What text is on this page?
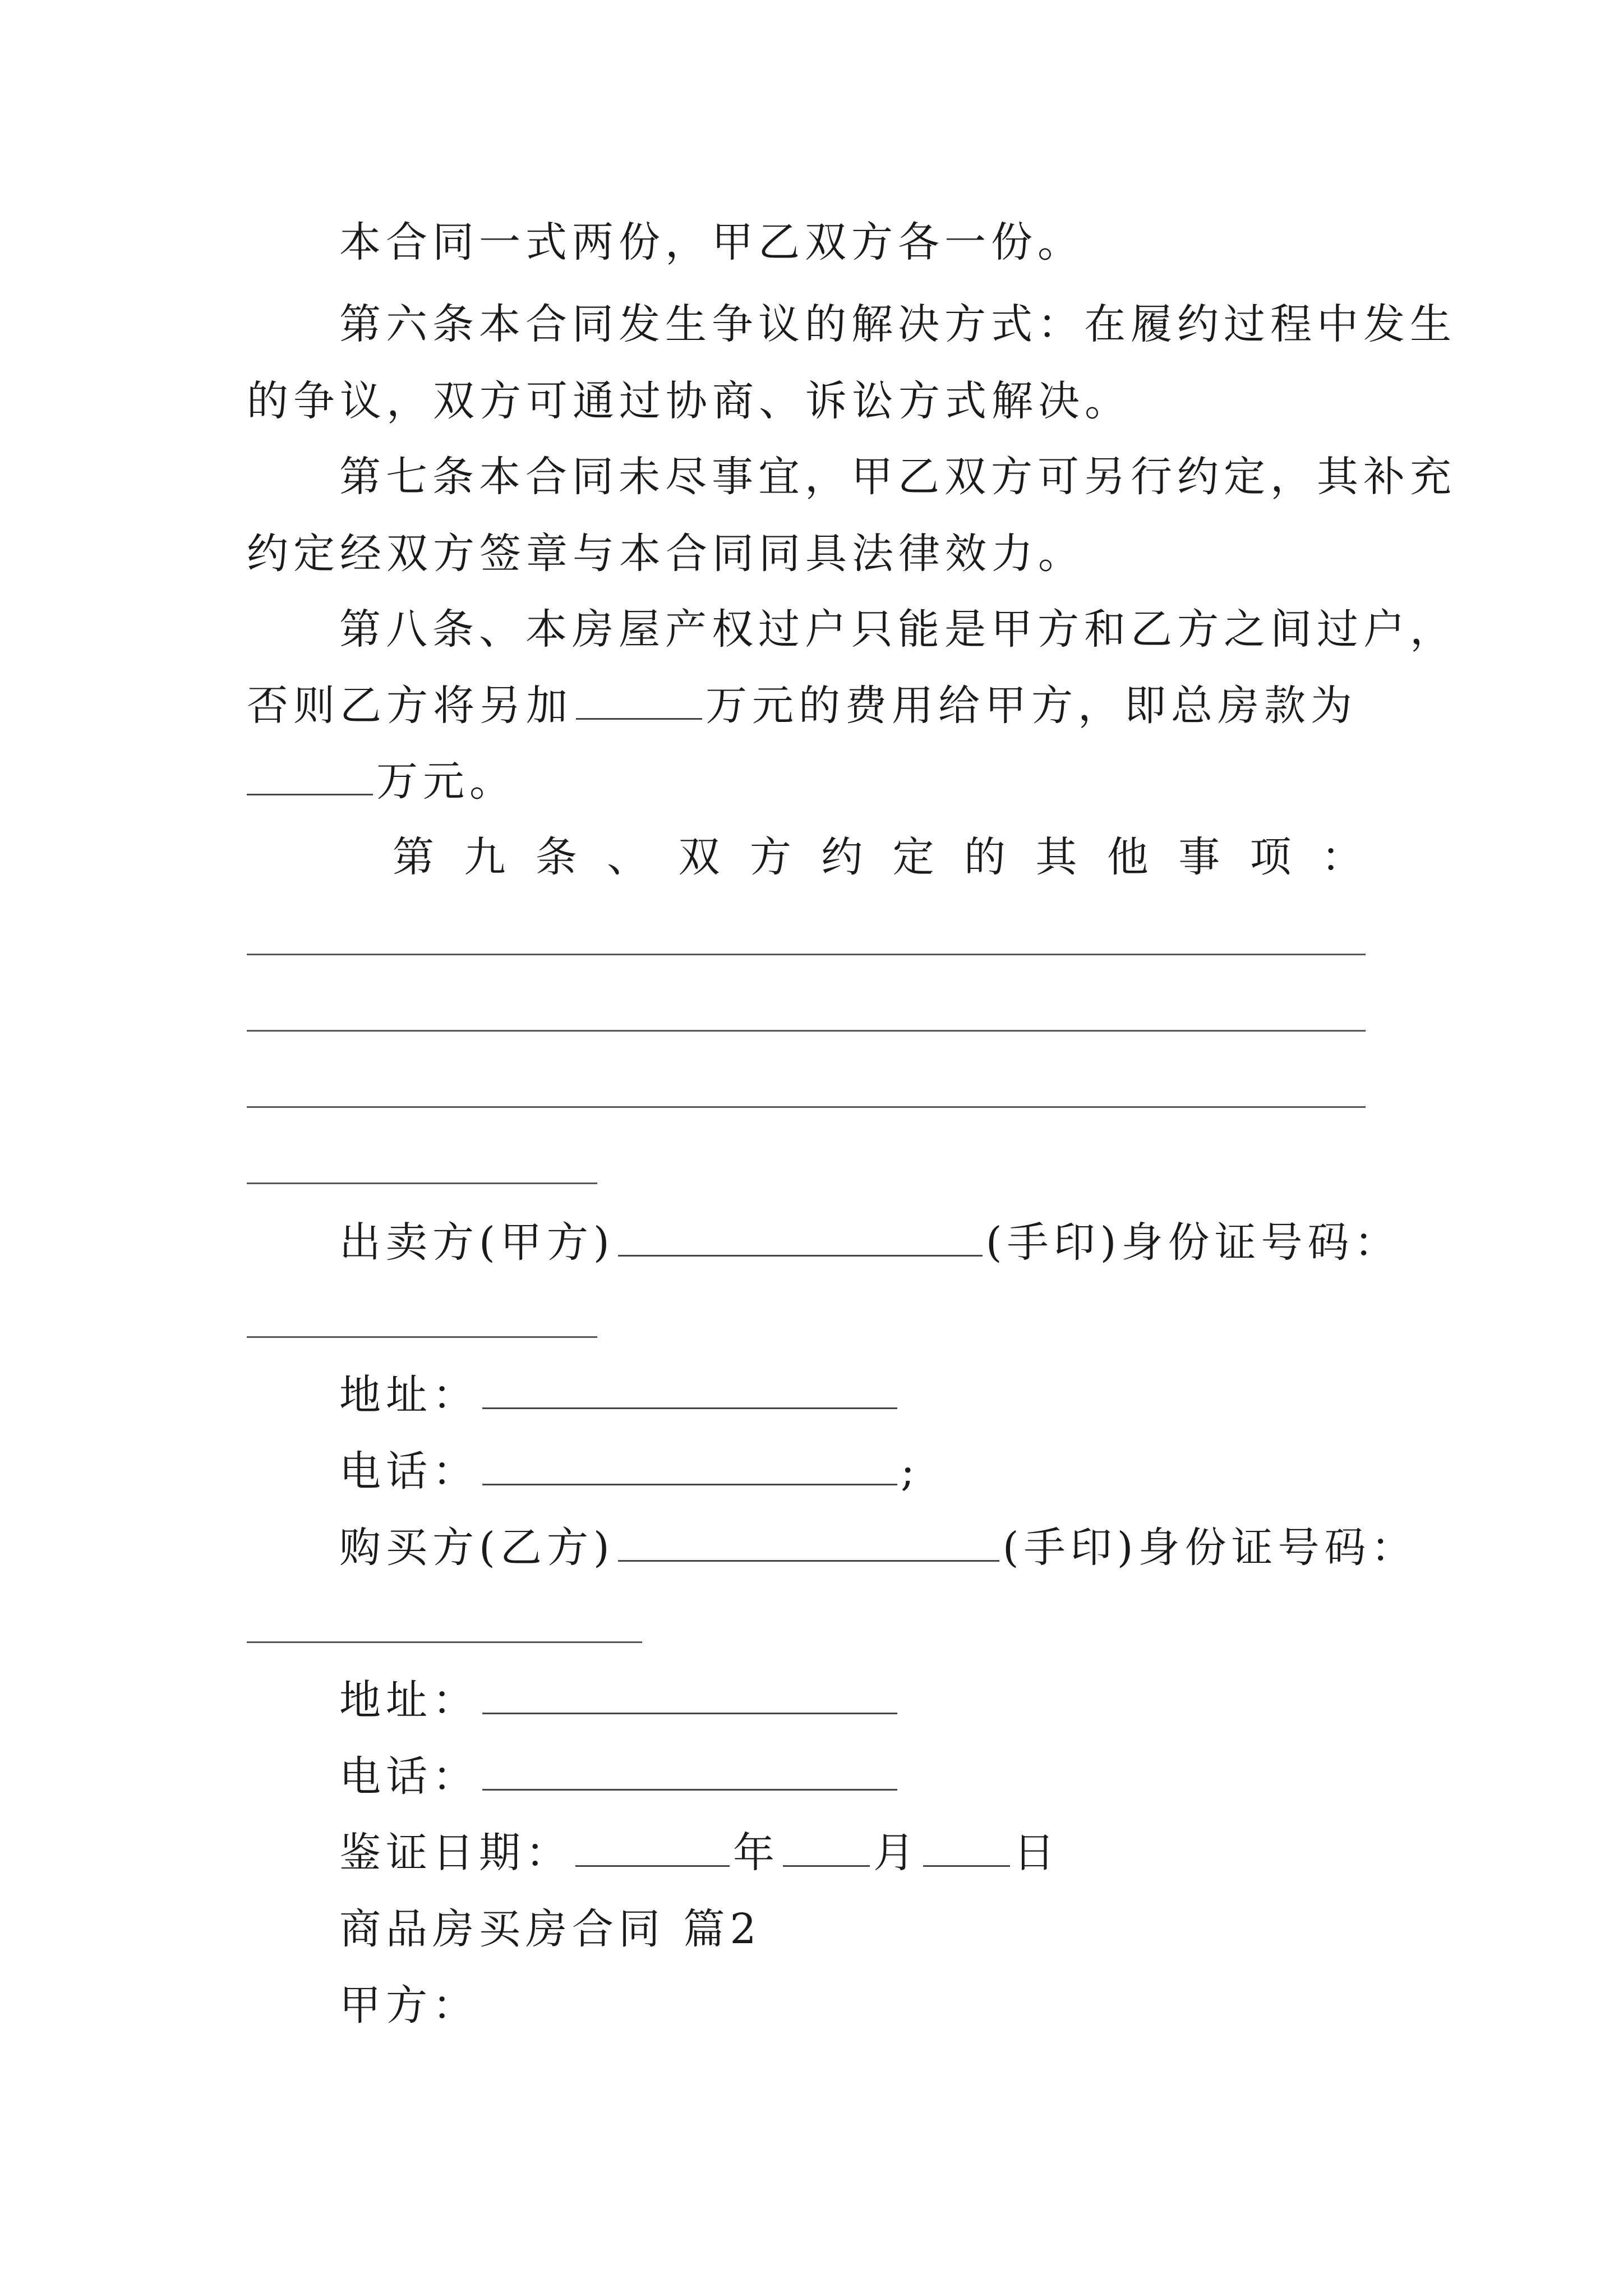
本合同一式两份，甲乙双方各一份。
第六条本合同发生争议的解决方式：在履约过程中发生
的争议，双方可通过协商、诉讼方式解决。
第七条本合同未尽事宜，甲乙双方可另行约定，其补充
约定经双方签章与本合同同具法律效力。
第八条、本房屋产权过户只能是甲方和乙方之间过户，
否则乙方将另加	万元的费用给甲方，即总房款为
万元。
第 九 条 、 双 方 约 定 的 其 他 事 项 ：
出卖方(甲方)	(手印)身份证号码：
地址：
电话：	;
购买方(乙方)	(手印)身份证号码：
地址：
电话：
鉴证日期：	年 月 日
商品房买房合同 篇2
甲方：
